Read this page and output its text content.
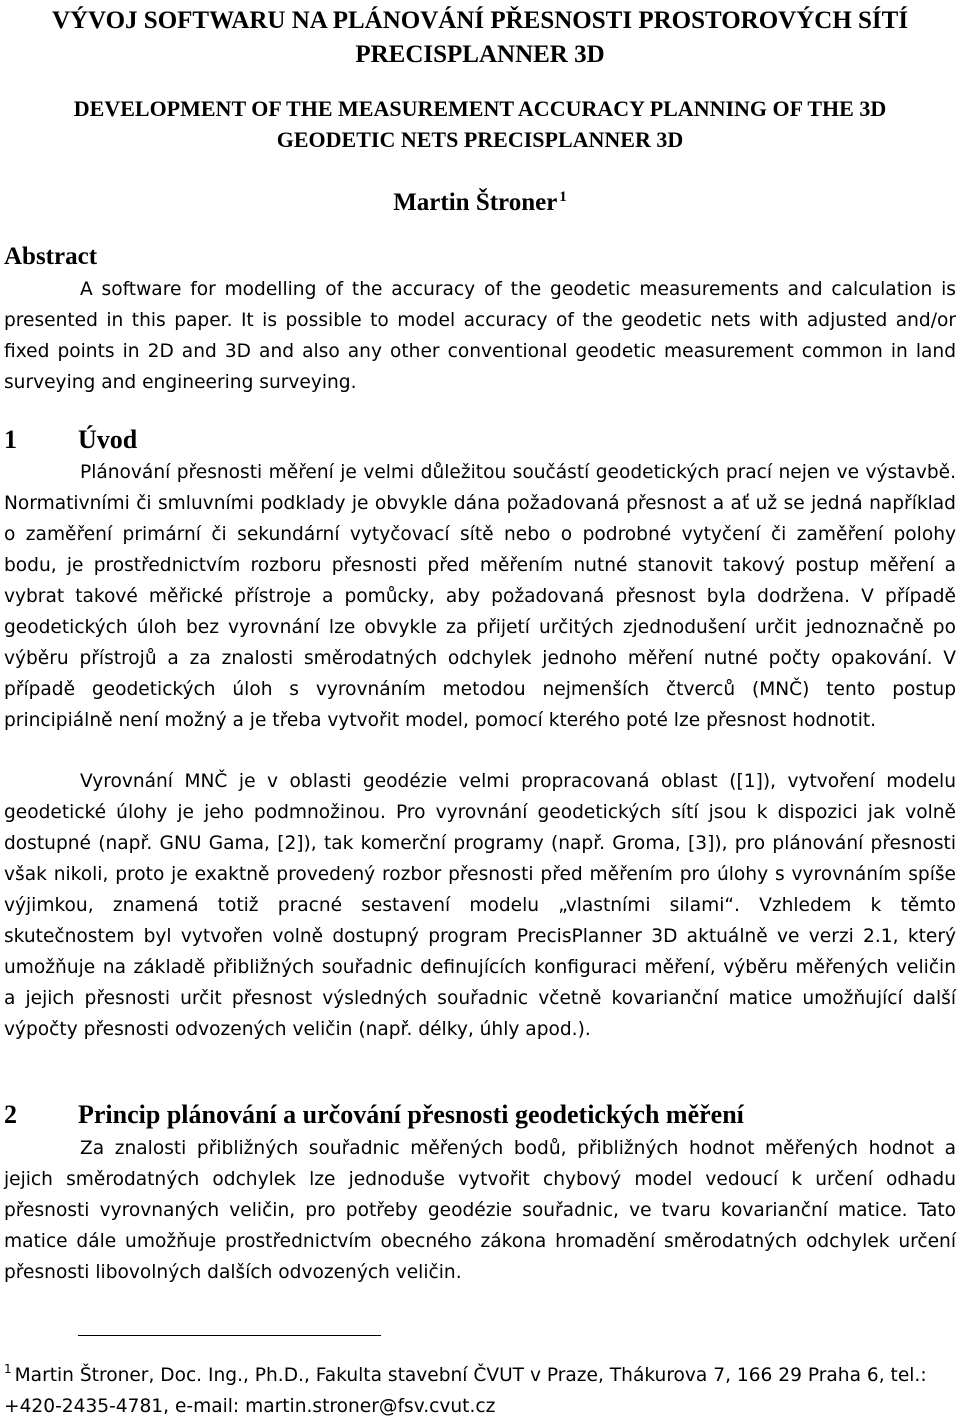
VÝVOJ SOFTWARU NA PLÁNOVÁNÍ PŘESNOSTI PROSTOROVÝCH SÍTÍ
PRECISPLANNER 3D
DEVELOPMENT OF THE MEASUREMENT ACCURACY PLANNING OF THE 3D
GEODETIC NETS PRECISPLANNER 3D
Martin Štroner $^1$
Abstract
A software for modelling of the accuracy of the geodetic measurements and calculation is presented in this paper. It is possible to model accuracy of the geodetic nets with adjusted and/or fixed points in 2D and 3D and also any other conventional geodetic measurement common in land surveying and engineering surveying.
1 Úvod
Plánování přesnosti měření je velmi důležitou součástí geodetických prací nejen ve výstavbě. Normativními či smluvními podklady je obvykle dána požadovaná přesnost a ať už se jedná například o zaměření primární či sekundární vytyčovací sítě nebo o podrobné vytyčení či zaměření polohy bodu, je prostřednictvím rozboru přesnosti před měřením nutné stanovit takový postup měření a vybrat takové měřické přístroje a pomůcky, aby požadovaná přesnost byla dodržena. V případě geodetických úloh bez vyrovnání lze obvykle za přijetí určitých zjednodušení určit jednoznačně po výběru přístrojů a za znalosti směrodatných odchylek jednoho měření nutné počty opakování. V případě geodetických úloh s vyrovnáním metodou nejmenších čtverců (MNČ) tento postup principiálně není možný a je třeba vytvořit model, pomocí kterého poté lze přesnost hodnotit.
Vyrovnání MNČ je v oblasti geodézie velmi propracovaná oblast ([1]), vytvoření modelu geodetické úlohy je jeho podmnožinou. Pro vyrovnání geodetických sítí jsou k dispozici jak volně dostupné (např. GNU Gama, [2]), tak komerční programy (např. Groma, [3]), pro plánování přesnosti však nikoli, proto je exaktně provedený rozbor přesnosti před měřením pro úlohy s vyrovnáním spíše výjimkou, znamená totiž pracné sestavení modelu „vlastními silami“. Vzhledem k těmto skutečnostem byl vytvořen volně dostupný program PrecisPlanner 3D aktuálně ve verzi 2.1, který umožňuje na základě přibližných souřadnic definujících konfiguraci měření, výběru měřených veličin a jejich přesnosti určit přesnost výsledných souřadnic včetně kovarianční matice umožňující další výpočty přesnosti odvozených veličin (např. délky, úhly apod.).
2 Princip plánování a určování přesnosti geodetických měření
Za znalosti přibližných souřadnic měřených bodů, přibližných hodnot měřených hodnot a jejich směrodatných odchylek lze jednoduše vytvořit chybový model vedoucí k určení odhadu přesnosti vyrovnaných veličin, pro potřeby geodézie souřadnic, ve tvaru kovarianční matice. Tato matice dále umožňuje prostřednictvím obecného zákona hromadění směrodatných odchylek určení přesnosti libovolných dalších odvozených veličin.
$^1$ Martin Štroner, Doc. Ing., Ph.D., Fakulta stavební ČVUT v Praze, Thákurova 7, 166 29 Praha 6, tel.: +420-2435-4781, e-mail: martin.stroner@fsv.cvut.cz
